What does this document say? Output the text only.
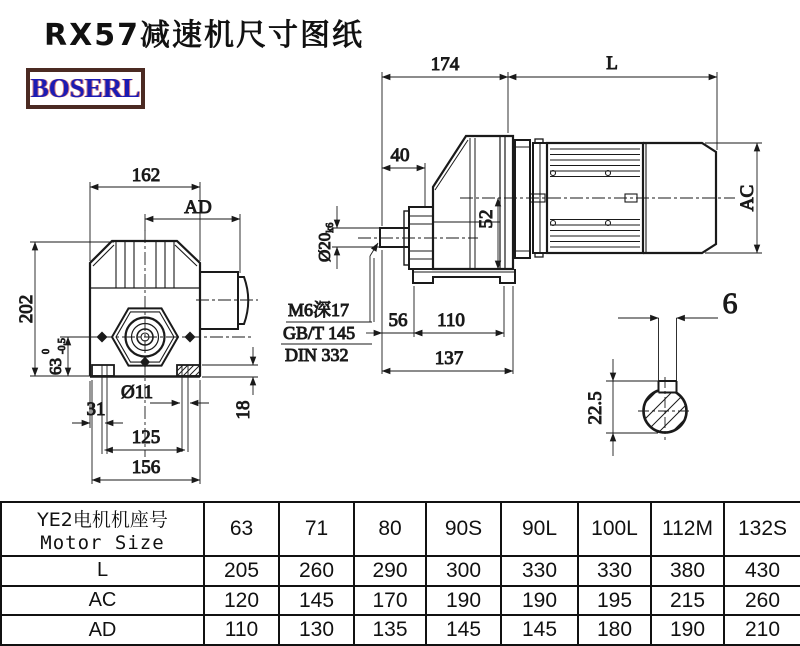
RX57减速机尺寸图纸
BOSERL
162
AD
202
63
0 -0.5
31
Ø11
125
156
18
174	L
40
Ø20k6	52
56 110
137
AC
M6深17
GB/T 145
DIN 332
6
22.5
YE2电机机座号
Motor Size	63	71	80	90S	90L	100L	112M	132S
L	205	260	290	300	330	330	380	430
AC	120	145	170	190	190	195	215	260
AD	110	130	135	145	145	180	190	210
